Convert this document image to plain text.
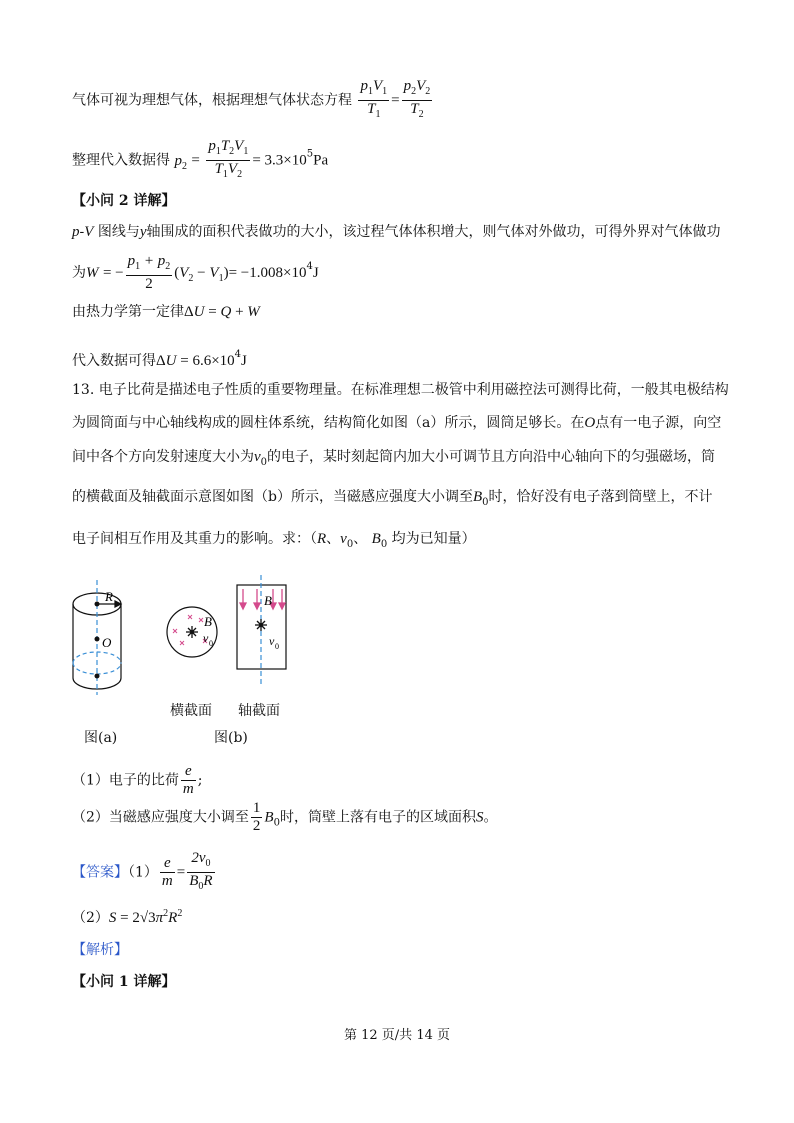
气体可视为理想气体，根据理想气体状态方程 $\frac{p_1V_1}{T_1} = \frac{p_2V_2}{T_2}$
整理代入数据得 $p_2 = \frac{p_1T_2V_1}{T_1V_2} = 3.3\times 10^5Pa$
【小问 2 详解】
p-V 图线与y轴围成的面积代表做功的大小，该过程气体体积增大，则气体对外做功，可得外界对气体做功
为W = − $\frac{p_1 + p_2}{2} (V_2 - V_1)= -1.008\times 10^4J$
由热力学第一定律ΔU = Q + W
代入数据可得$\Delta U = 6.6\times 10^4J$
13. 电子比荷是描述电子性质的重要物理量。在标准理想二极管中利用磁控法可测得比荷，一般其电极结构
为圆筒面与中心轴线构成的圆柱体系统，结构简化如图（a）所示，圆筒足够长。在O点有一电子源，向空
间中各个方向发射速度大小为$v_0$的电子，某时刻起筒内加大小可调节且方向沿中心轴向下的匀强磁场，筒
的横截面及轴截面示意图如图（b）所示，当磁感应强度大小调至$B_0$时，恰好没有电子落到筒壁上，不计
电子间相互作用及其重力的影响。求：（R、$v_0$、 $B_0$ 均为已知量）
R
O
B
v 0
B
v 0
横截面 轴截面
图(a)	图(b)
（1）电子的比荷 $\frac{e}{m}$ ;
（2）当磁感应强度大小调至 $\frac{1}{2} B_0$时，筒壁上落有电子的区域面积S。
【答案】$(1) \frac{e}{m} = \frac{2v_0}{B_0R}$
$(2)S = 2√3\pi^2R^2$
【解析】
【小问 1 详解】
第 12 页/共 14 页
